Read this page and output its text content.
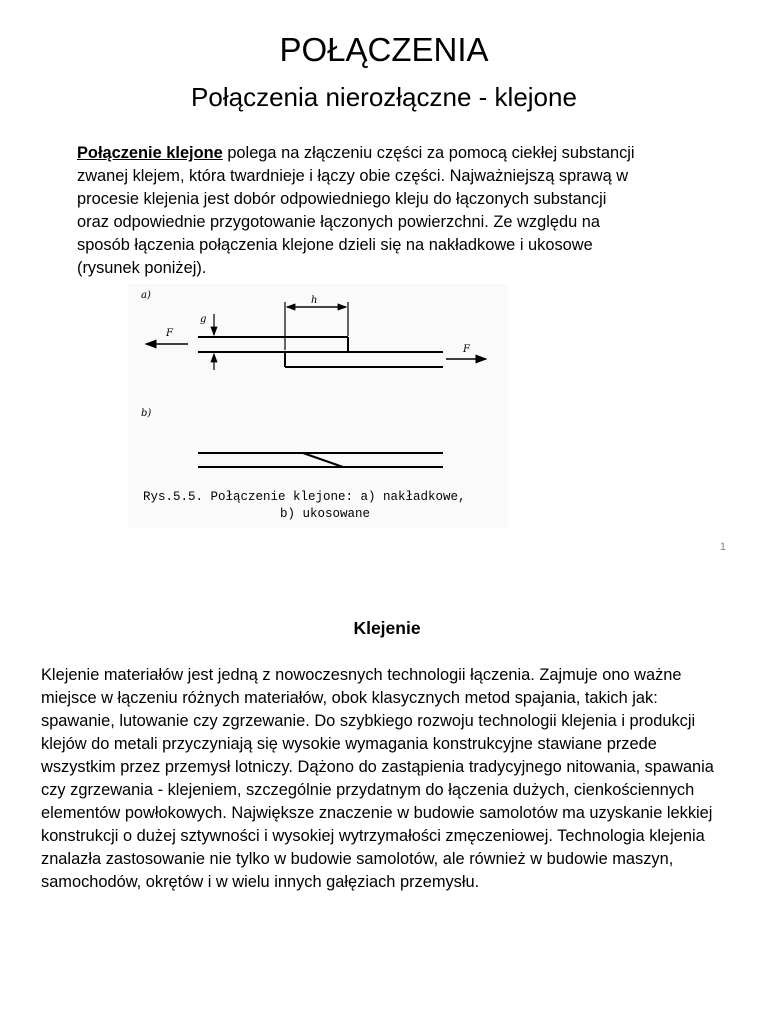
POŁĄCZENIA
Połączenia nierozłączne - klejone

Połączenie klejone polega na złączeniu części za pomocą ciekłej substancji zwanej klejem, która twardnieje i łączy obie części. Najważniejszą sprawą w procesie klejenia jest dobór odpowiedniego kleju do łączonych substancji oraz odpowiednie przygotowanie łączonych powierzchni. Ze względu na sposób łączenia połączenia klejone dzieli się na nakładkowe i ukosowe (rysunek poniżej).

a)	h
g
F
F
b)
Rys.5.5. Połączenie klejone: a) nakładkowe,
b) ukosowane
1
Klejenie

Klejenie materiałów jest jedną z nowoczesnych technologii łączenia. Zajmuje ono ważne miejsce w łączeniu różnych materiałów, obok klasycznych metod spajania, takich jak: spawanie, lutowanie czy zgrzewanie. Do szybkiego rozwoju technologii klejenia i produkcji klejów do metali przyczyniają się wysokie wymagania konstrukcyjne stawiane przede wszystkim przez przemysł lotniczy. Dążono do zastąpienia tradycyjnego nitowania, spawania czy zgrzewania - klejeniem, szczególnie przydatnym do łączenia dużych, cienkościennych elementów powłokowych. Największe znaczenie w budowie samolotów ma uzyskanie lekkiej konstrukcji o dużej sztywności i wysokiej wytrzymałości zmęczeniowej. Technologia klejenia znalazła zastosowanie nie tylko w budowie samolotów, ale również w budowie maszyn, samochodów, okrętów i w wielu innych gałęziach przemysłu.
